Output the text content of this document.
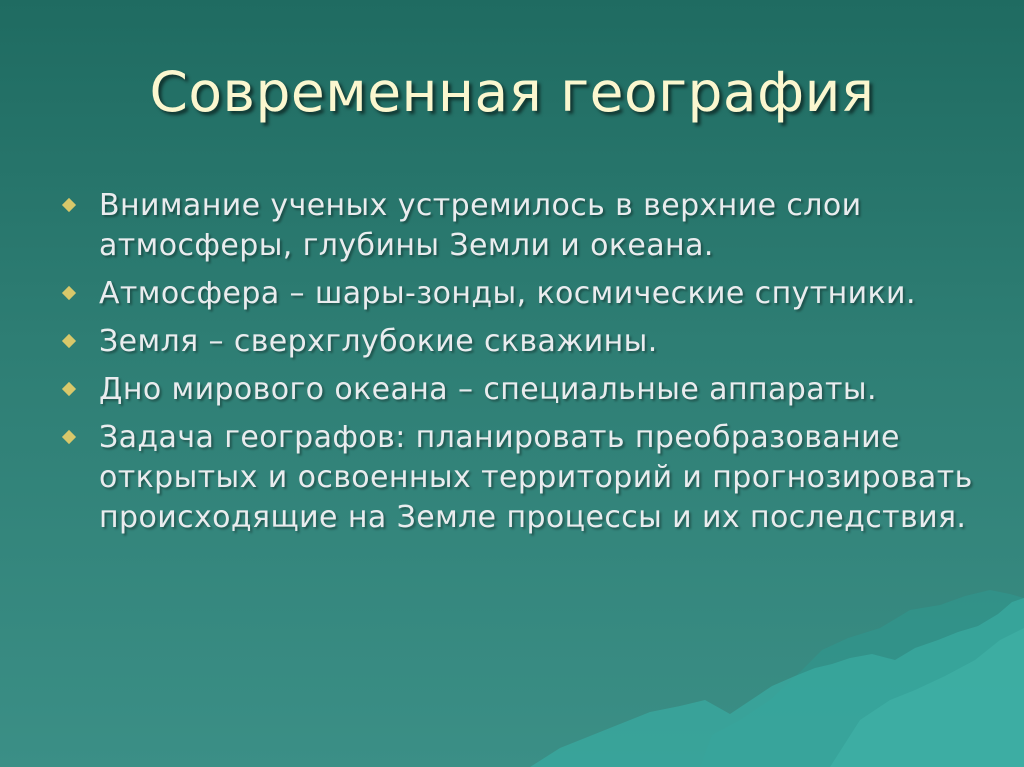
Современная география
Внимание ученых устремилось в верхние слои атмосферы, глубины Земли и океана.
Атмосфера – шары-зонды, космические спутники.
Земля – сверхглубокие скважины.
Дно мирового океана – специальные аппараты.
Задача географов: планировать преобразование открытых и освоенных территорий и прогнозировать происходящие на Земле процессы и их последствия.
